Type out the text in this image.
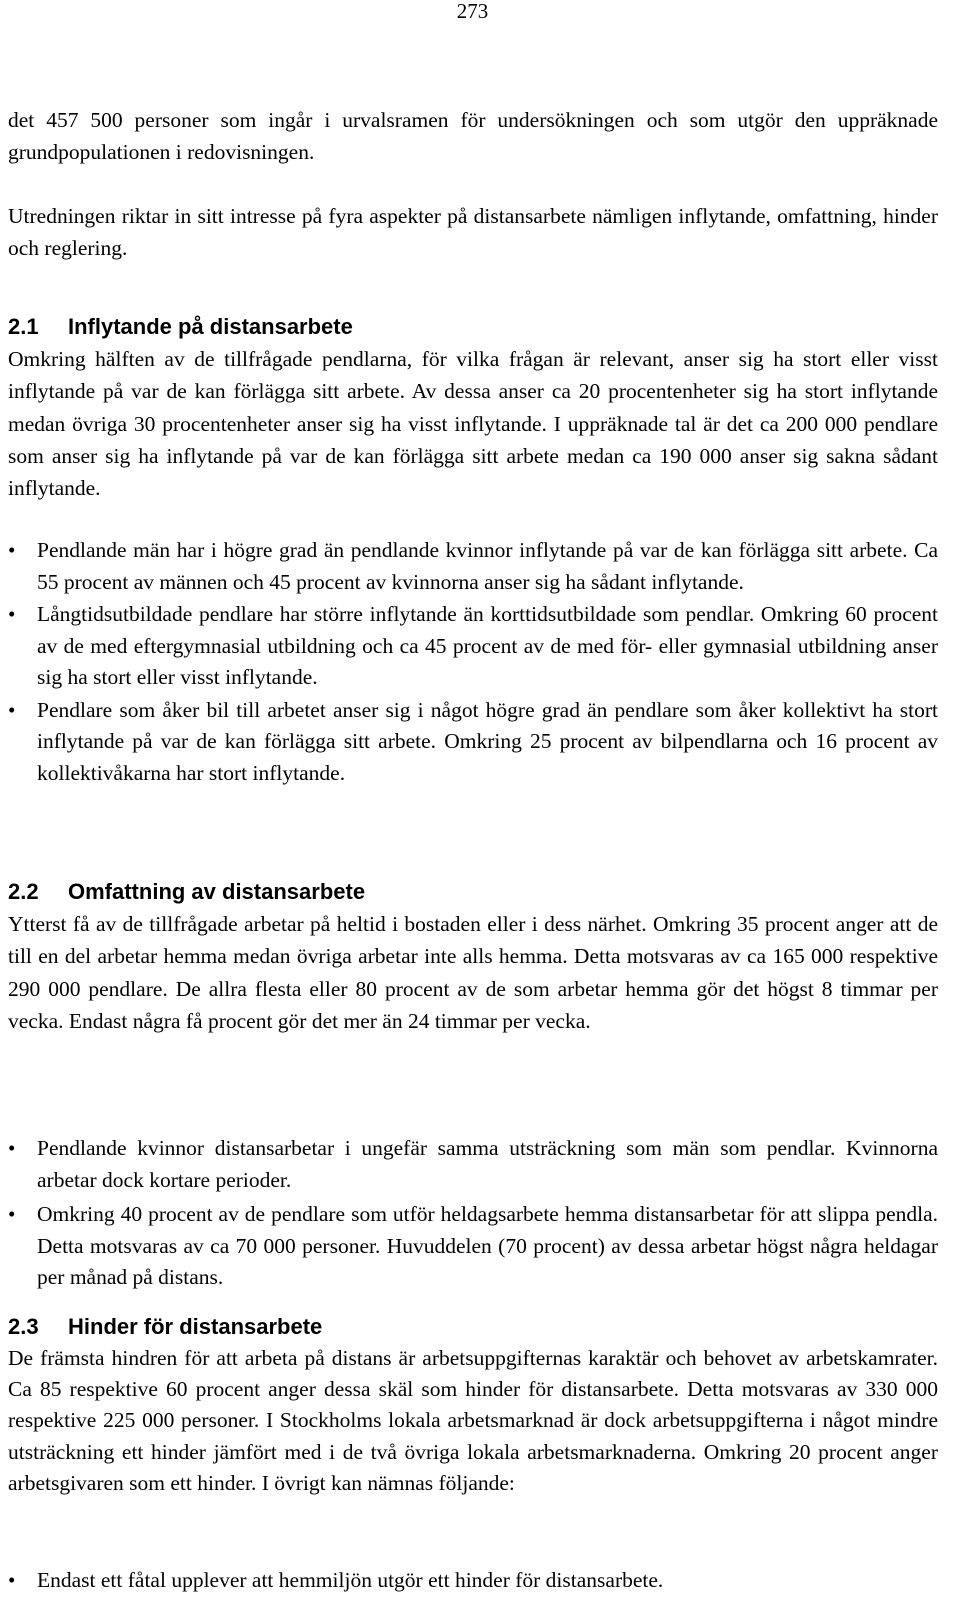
273

det 457 500 personer som ingår i urvalsramen för undersökningen och som utgör den uppräknade grundpopulationen i redovisningen.

Utredningen riktar in sitt intresse på fyra aspekter på distansarbete nämligen inflytande, omfattning, hinder och reglering.

2.1 Inflytande på distansarbete

Omkring hälften av de tillfrågade pendlarna, för vilka frågan är relevant, anser sig ha stort eller visst inflytande på var de kan förlägga sitt arbete. Av dessa anser ca 20 procentenheter sig ha stort inflytande medan övriga 30 procentenheter anser sig ha visst inflytande. I uppräknade tal är det ca 200 000 pendlare som anser sig ha inflytande på var de kan förlägga sitt arbete medan ca 190 000 anser sig sakna sådant inflytande.

•	Pendlande män har i högre grad än pendlande kvinnor inflytande på var de kan förlägga sitt arbete. Ca 55 procent av männen och 45 procent av kvinnorna anser sig ha sådant inflytande.
•	Långtidsutbildade pendlare har större inflytande än korttidsutbildade som pendlar. Omkring 60 procent av de med eftergymnasial utbildning och ca 45 procent av de med för- eller gymnasial utbildning anser sig ha stort eller visst inflytande.
•	Pendlare som åker bil till arbetet anser sig i något högre grad än pendlare som åker kollektivt ha stort inflytande på var de kan förlägga sitt arbete. Omkring 25 procent av bilpendlarna och 16 procent av kollektivåkarna har stort inflytande.
2.2 Omfattning av distansarbete

Ytterst få av de tillfrågade arbetar på heltid i bostaden eller i dess närhet. Omkring 35 procent anger att de till en del arbetar hemma medan övriga arbetar inte alls hemma. Detta motsvaras av ca 165 000 respektive 290 000 pendlare. De allra flesta eller 80 procent av de som arbetar hemma gör det högst 8 timmar per vecka. Endast några få procent gör det mer än 24 timmar per vecka.

•	Pendlande kvinnor distansarbetar i ungefär samma utsträckning som män som pendlar. Kvinnorna arbetar dock kortare perioder.
•	Omkring 40 procent av de pendlare som utför heldagsarbete hemma distansarbetar för att slippa pendla. Detta motsvaras av ca 70 000 personer. Huvuddelen (70 procent) av dessa arbetar högst några heldagar per månad på distans.
2.3 Hinder för distansarbete

De främsta hindren för att arbeta på distans är arbetsuppgifternas karaktär och behovet av arbetskamrater. Ca 85 respektive 60 procent anger dessa skäl som hinder för distansarbete. Detta motsvaras av 330 000 respektive 225 000 personer. I Stockholms lokala arbetsmarknad är dock arbetsuppgifterna i något mindre utsträckning ett hinder jämfört med i de två övriga lokala arbetsmarknaderna. Omkring 20 procent anger arbetsgivaren som ett hinder. I övrigt kan nämnas följande:

•	Endast ett fåtal upplever att hemmiljön utgör ett hinder för distansarbete.
